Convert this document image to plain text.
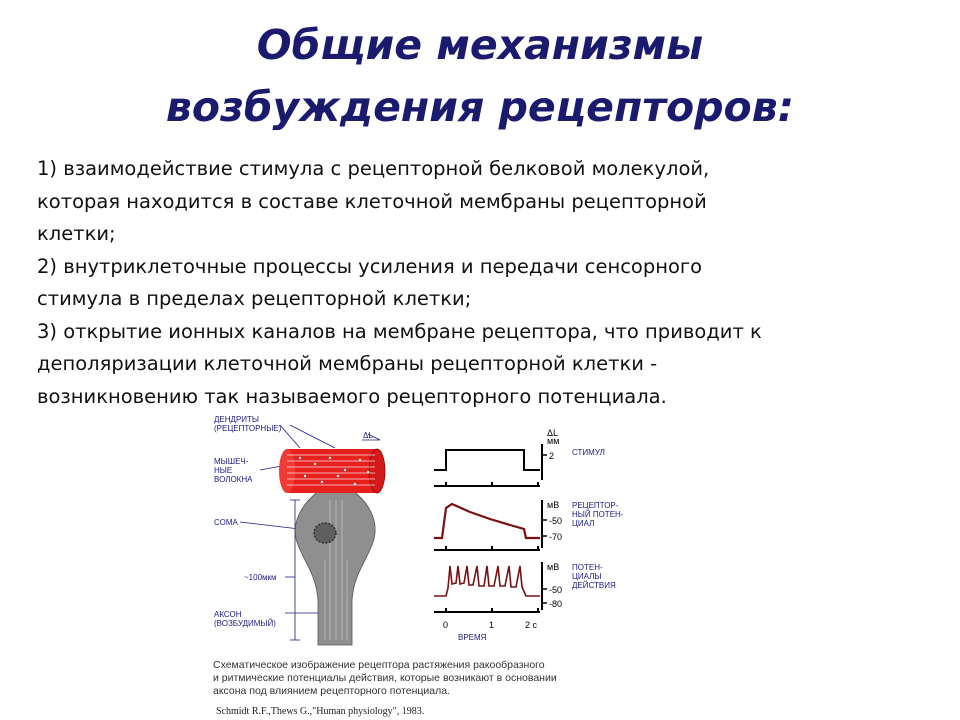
Общие механизмы
возбуждения рецепторов:

1) взаимодействие стимула с рецепторной белковой молекулой,
которая находится в составе клеточной мембраны рецепторной
клетки;

2) внутриклеточные процессы усиления и передачи сенсорного
стимула в пределах рецепторной клетки;

3) открытие ионных каналов на мембране рецептора, что приводит к
деполяризации клеточной мембраны рецепторной клетки -
возникновению так называемого рецепторного потенциала.

ДЕНДРИТЫ (РЕЦЕПТОРНЫЕ)
МЫШЕЧ-НЫЕ ВОЛОКНА
СОМА
~100мкм
АКСОН (ВОЗБУДИМЫЙ)
ΔL	ΔL мм
2 СТИМУЛ
мВ
-50
-70
РЕЦЕПТОР-НЫЙ ПОТЕН-ЦИАЛ
мВ
-50
-80
ПОТЕН-ЦИАЛЫ ДЕЙСТВИЯ
0	1	2 с
ВРЕМЯ

Схематическое изображение рецептора растяжения ракообразного
и ритмические потенциалы действия, которые возникают в основании
аксона под влиянием рецепторного потенциала.

Schmidt R.F.,Thews G.,"Human physiology", 1983.
